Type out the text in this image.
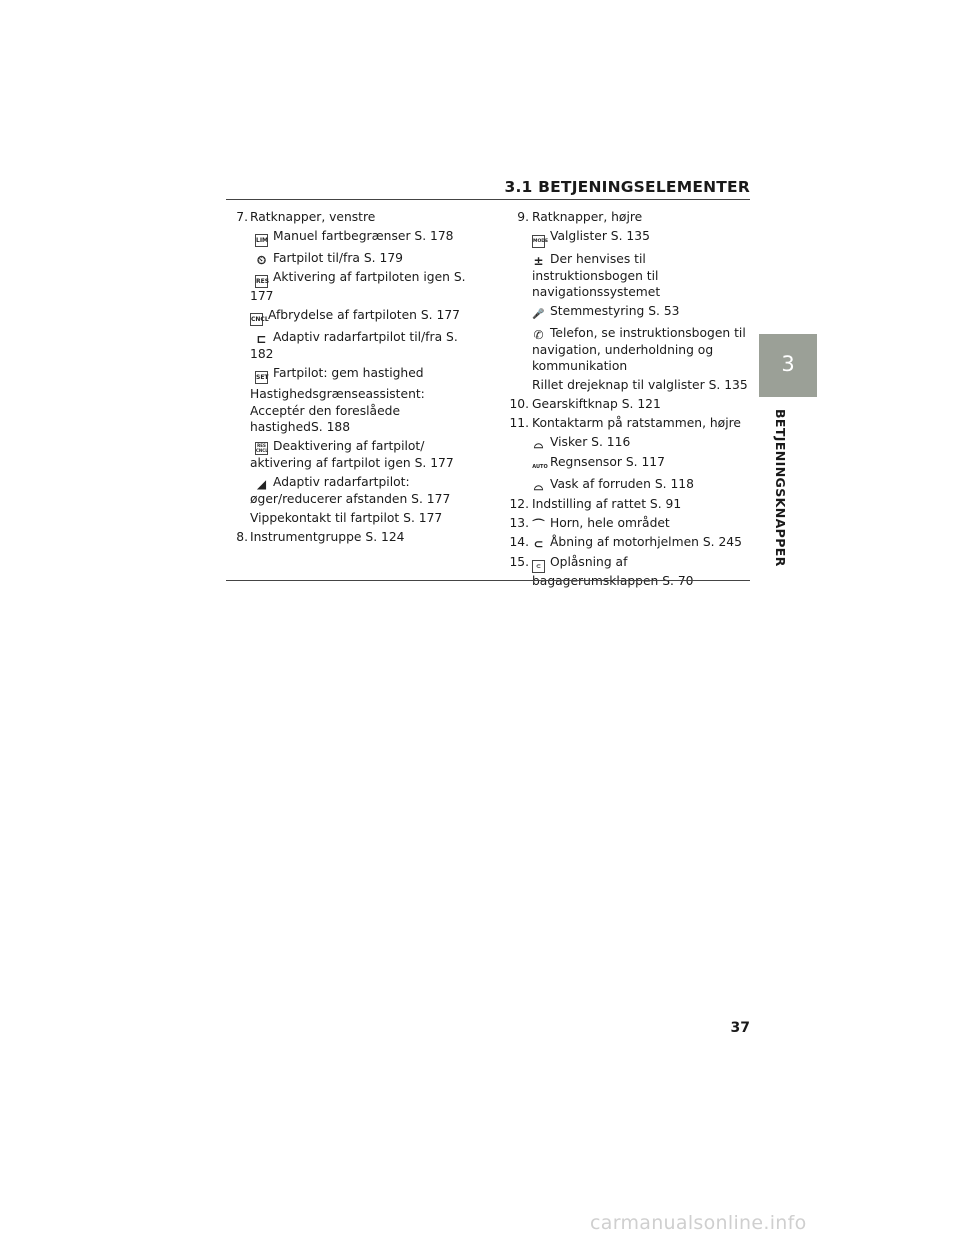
3.1 BETJENINGSELEMENTER
3
BETJENINGSKNAPPER
7. Ratknapper, venstre
LIM Manuel fartbegrænser S. 178
⏲ Fartpilot til/fra S. 179
RES Aktivering af fartpiloten igen S. 177
CNCLAfbrydelse af fartpiloten S. 177
⊏ Adaptiv radarfartpilot til/fra S. 182
SET Fartpilot: gem hastighed
Hastighedsgrænseassistent: Acceptér den foreslåede hastighedS. 188
RES CNCL Deaktivering af fartpilot/ aktivering af fartpilot igen S. 177
◢ Adaptiv radarfartpilot: øger/reducerer afstanden S. 177
Vippekontakt til fartpilot S. 177
8. Instrumentgruppe S. 124
9. Ratknapper, højre
MODE Valglister S. 135
± Der henvises til instruktionsbogen til navigationssystemet
🎤 Stemmestyring S. 53
✆ Telefon, se instruktionsbogen til navigation, underholdning og kommunikation
Rillet drejeknap til valglister S. 135
10. Gearskiftknap S. 121
11. Kontaktarm på ratstammen, højre
⌓ Visker S. 116
AUTO Regnsensor S. 117
⌓ Vask af forruden S. 118
12. Indstilling af rattet S. 91
13. ⌒ Horn, hele området
14. ⊂ Åbning af motorhjelmen S. 245
15.	⊂ Oplåsning af
37
carmanualsonline.info
